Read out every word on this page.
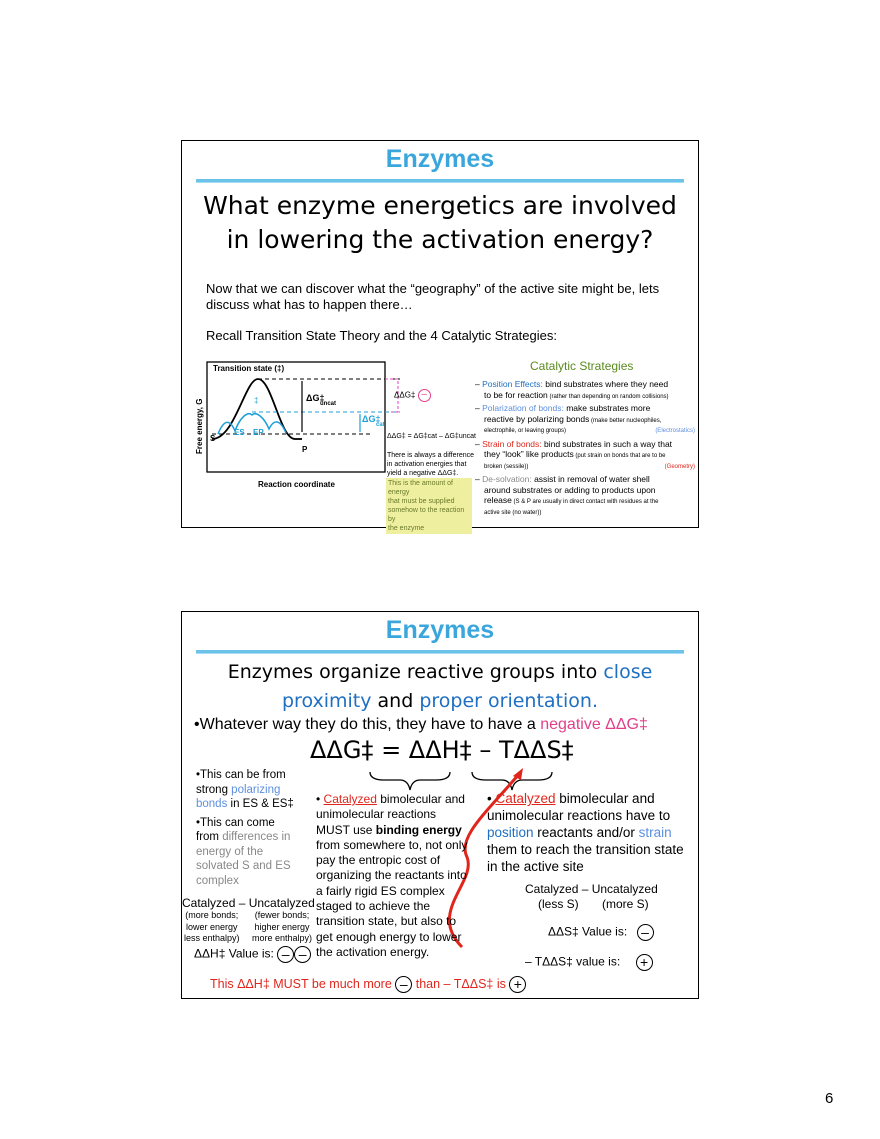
Enzymes
What enzyme energetics are involved
in lowering the activation energy?
Now that we can discover what the “geography” of the active site might be, lets
discuss what has to happen there…
Recall Transition State Theory and the 4 Catalytic Strategies:
Transition state (‡)
‡	ΔG‡
uncat
ΔG‡
cat
S
ES EP
P
Reaction coordinate
Free energy, G
ΔΔG‡ –
ΔΔG‡ = ΔG‡cat – ΔG‡uncat
There is always a difference
in activation energies that
yield a negative ΔΔG‡.
This is the amount of energy
that must be supplied
somehow to the reaction by
the enzyme
Catalytic Strategies
– Position Effects: bind substrates where they need
to be for reaction (rather than depending on random collisions)
– Polarization of bonds: make substrates more
reactive by polarizing bonds (make better nucleophiles,
electrophile, or leaving groups)	(Electrostatics)
– Strain of bonds: bind substrates in such a way that
they “look” like products (put strain on bonds that are to be
broken (sessile))	(Geometry)
– De-solvation: assist in removal of water shell
around substrates or adding to products upon
release (S & P are usually in direct contact with residues at the
active site (no water))
Enzymes
Enzymes organize reactive groups into close
proximity and proper orientation.
•Whatever way they do this, they have to have a negative ΔΔG‡
ΔΔG‡ = ΔΔH‡ – TΔΔS‡
•This can be from
strong polarizing
bonds in ES & ES‡
•This can come
from differences in
energy of the
solvated S and ES
complex
Catalyzed – Uncatalyzed
(more bonds;
lower energy
less enthalpy)
(fewer bonds;
higher energy
more enthalpy)
ΔΔH‡ Value is: – –
• Catalyzed bimolecular and
unimolecular reactions
MUST use binding energy
from somewhere to, not only
pay the entropic cost of
organizing the reactants into
a fairly rigid ES complex
staged to achieve the
transition state, but also to
get enough energy to lower
the activation energy.
• Catalyzed bimolecular and
unimolecular reactions have to
position reactants and/or strain
them to reach the transition state
in the active site
Catalyzed – Uncatalyzed
(less S) (more S)
ΔΔS‡ Value is: –
– TΔΔS‡ value is: +
This ΔΔH‡ MUST be much more – than – TΔΔS‡ is +
6
